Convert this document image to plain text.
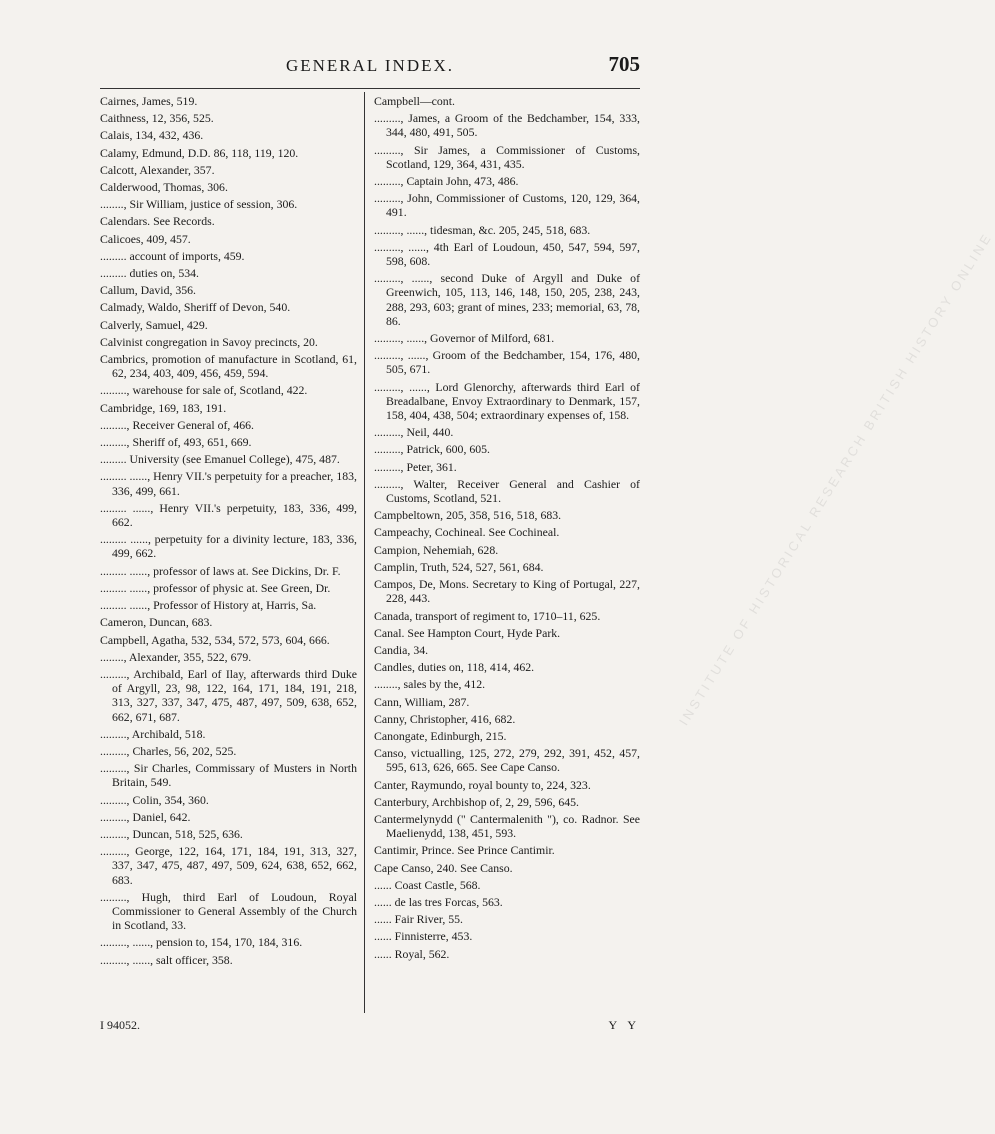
GENERAL INDEX.	705
Cairnes, James, 519.
Caithness, 12, 356, 525.
Calais, 134, 432, 436.
Calamy, Edmund, D.D. 86, 118, 119, 120.
Calcott, Alexander, 357.
Calderwood, Thomas, 306.
........, Sir William, justice of session, 306.
Calendars. See Records.
Calicoes, 409, 457.
......... account of imports, 459.
......... duties on, 534.
Callum, David, 356.
Calmady, Waldo, Sheriff of Devon, 540.
Calverly, Samuel, 429.
Calvinist congregation in Savoy precincts, 20.
Cambrics, promotion of manufacture in Scotland, 61, 62, 234, 403, 409, 456, 459, 594.
........., warehouse for sale of, Scotland, 422.
Cambridge, 169, 183, 191.
........., Receiver General of, 466.
........., Sheriff of, 493, 651, 669.
......... University (see Emanuel College), 475, 487.
......... ......, Henry VII.'s perpetuity for a preacher, 183, 336, 499, 661.
......... ......, Henry VII.'s perpetuity, 183, 336, 499, 662.
......... ......, perpetuity for a divinity lecture, 183, 336, 499, 662.
......... ......, professor of laws at. See Dickins, Dr. F.
......... ......, professor of physic at. See Green, Dr.
......... ......, Professor of History at, Harris, Sa.
Cameron, Duncan, 683.
Campbell, Agatha, 532, 534, 572, 573, 604, 666.
........, Alexander, 355, 522, 679.
........., Archibald, Earl of Ilay, afterwards third Duke of Argyll, 23, 98, 122, 164, 171, 184, 191, 218, 313, 327, 337, 347, 475, 487, 497, 509, 638, 652, 662, 671, 687.
........., Archibald, 518.
........., Charles, 56, 202, 525.
........., Sir Charles, Commissary of Musters in North Britain, 549.
........., Colin, 354, 360.
........., Daniel, 642.
........., Duncan, 518, 525, 636.
........., George, 122, 164, 171, 184, 191, 313, 327, 337, 347, 475, 487, 497, 509, 624, 638, 652, 662, 683.
........., Hugh, third Earl of Loudoun, Royal Commissioner to General Assembly of the Church in Scotland, 33.
........., ......, pension to, 154, 170, 184, 316.
........., ......, salt officer, 358.
Campbell—cont.
........., James, a Groom of the Bedchamber, 154, 333, 344, 480, 491, 505.
........., Sir James, a Commissioner of Customs, Scotland, 129, 364, 431, 435.
........., Captain John, 473, 486.
........., John, Commissioner of Customs, 120, 129, 364, 491.
........., ......, tidesman, &c. 205, 245, 518, 683.
........., ......, 4th Earl of Loudoun, 450, 547, 594, 597, 598, 608.
........., ......, second Duke of Argyll and Duke of Greenwich, 105, 113, 146, 148, 150, 205, 238, 243, 288, 293, 603; grant of mines, 233; memorial, 63, 78, 86.
........., ......, Governor of Milford, 681.
........., ......, Groom of the Bedchamber, 154, 176, 480, 505, 671.
........., ......, Lord Glenorchy, afterwards third Earl of Breadalbane, Envoy Extraordinary to Denmark, 157, 158, 404, 438, 504; extraordinary expenses of, 158.
........., Neil, 440.
........., Patrick, 600, 605.
........., Peter, 361.
........., Walter, Receiver General and Cashier of Customs, Scotland, 521.
Campbeltown, 205, 358, 516, 518, 683.
Campeachy, Cochineal. See Cochineal.
Campion, Nehemiah, 628.
Camplin, Truth, 524, 527, 561, 684.
Campos, De, Mons. Secretary to King of Portugal, 227, 228, 443.
Canada, transport of regiment to, 1710–11, 625.
Canal. See Hampton Court, Hyde Park.
Candia, 34.
Candles, duties on, 118, 414, 462.
........, sales by the, 412.
Cann, William, 287.
Canny, Christopher, 416, 682.
Canongate, Edinburgh, 215.
Canso, victualling, 125, 272, 279, 292, 391, 452, 457, 595, 613, 626, 665. See Cape Canso.
Canter, Raymundo, royal bounty to, 224, 323.
Canterbury, Archbishop of, 2, 29, 596, 645.
Cantermelynydd (" Cantermalenith "), co. Radnor. See Maelienydd, 138, 451, 593.
Cantimir, Prince. See Prince Cantimir.
Cape Canso, 240. See Canso.
...... Coast Castle, 568.
...... de las tres Forcas, 563.
...... Fair River, 55.
...... Finnisterre, 453.
...... Royal, 562.
I 94052.	Y Y
INSTITUTE OF HISTORICAL RESEARCH BRITISH HISTORY ONLINE
